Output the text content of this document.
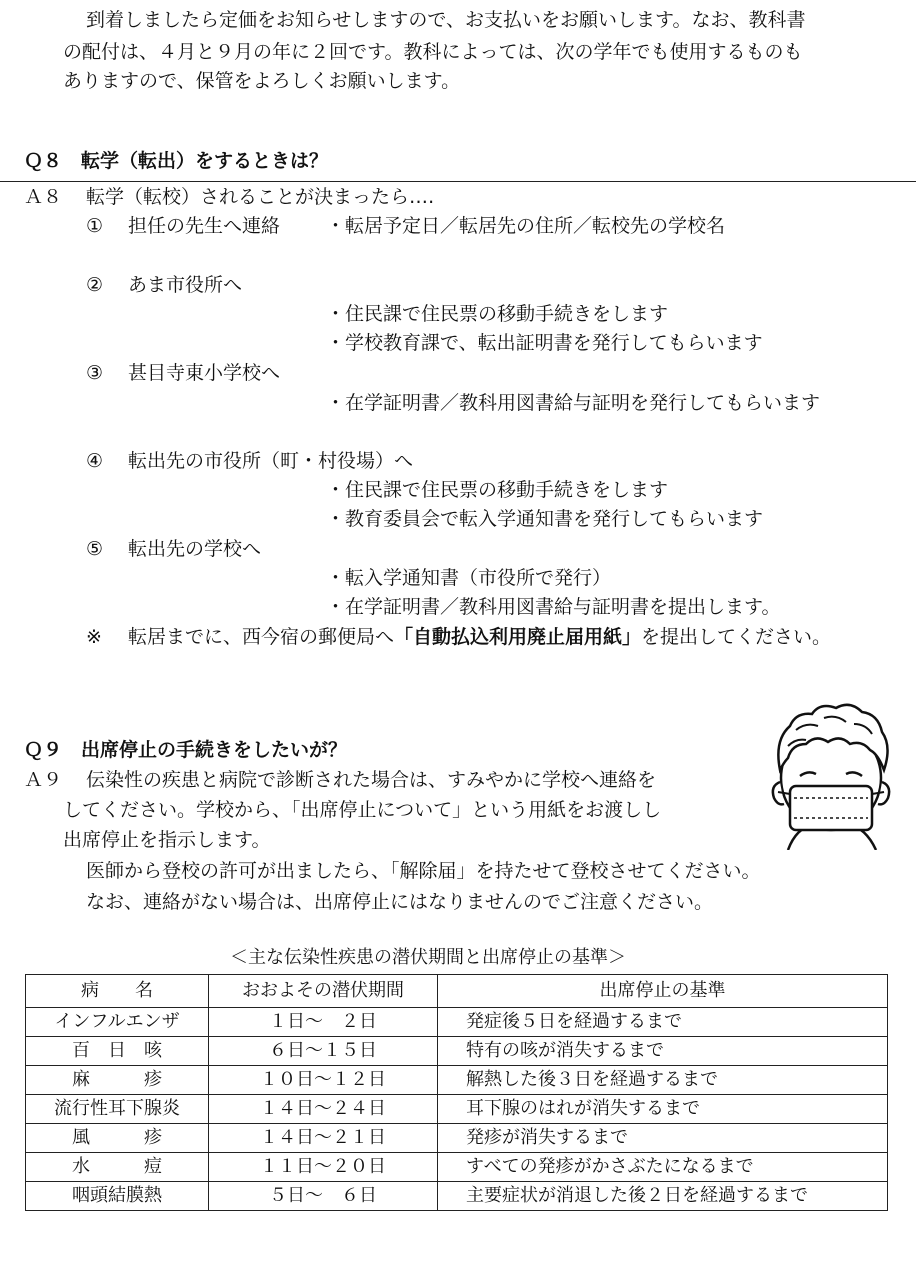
到着しましたら定価をお知らせしますので、お支払いをお願いします。なお、教科書
の配付は、４月と９月の年に２回です。教科によっては、次の学年でも使用するものも
ありますので、保管をよろしくお願いします。
Ｑ８　転学（転出）をするときは？
Ａ８ 転学（転校）されることが決まったら‥‥
① 担任の先生へ連絡 ・転居予定日／転居先の住所／転校先の学校名
② あま市役所へ
・住民課で住民票の移動手続きをします
・学校教育課で、転出証明書を発行してもらいます
③ 甚目寺東小学校へ
・在学証明書／教科用図書給与証明を発行してもらいます
④ 転出先の市役所（町・村役場）へ
・住民課で住民票の移動手続きをします
・教育委員会で転入学通知書を発行してもらいます
⑤ 転出先の学校へ
・転入学通知書（市役所で発行）
・在学証明書／教科用図書給与証明書を提出します。
※ 転居までに、西今宿の郵便局へ「自動払込利用廃止届用紙」を提出してください。
Ｑ９　出席停止の手続きをしたいが？
Ａ９ 伝染性の疾患と病院で診断された場合は、すみやかに学校へ連絡を
してください。学校から、「出席停止について」という用紙をお渡しし
出席停止を指示します。
医師から登校の許可が出ましたら、「解除届」を持たせて登校させてください。
なお、連絡がない場合は、出席停止にはなりませんのでご注意ください。
＜主な伝染性疾患の潜伏期間と出席停止の基準＞
病　　名	おおよその潜伏期間	出席停止の基準
インフルエンザ	１日～　２日	発症後５日を経過するまで
百　日　咳	６日～１５日	特有の咳が消失するまで
麻　　　疹	１０日～１２日	解熱した後３日を経過するまで
流行性耳下腺炎	１４日～２４日	耳下腺のはれが消失するまで
風　　　疹	１４日～２１日	発疹が消失するまで
水　　　痘	１１日～２０日	すべての発疹がかさぶたになるまで
咽頭結膜熱	５日～　６日	主要症状が消退した後２日を経過するまで
